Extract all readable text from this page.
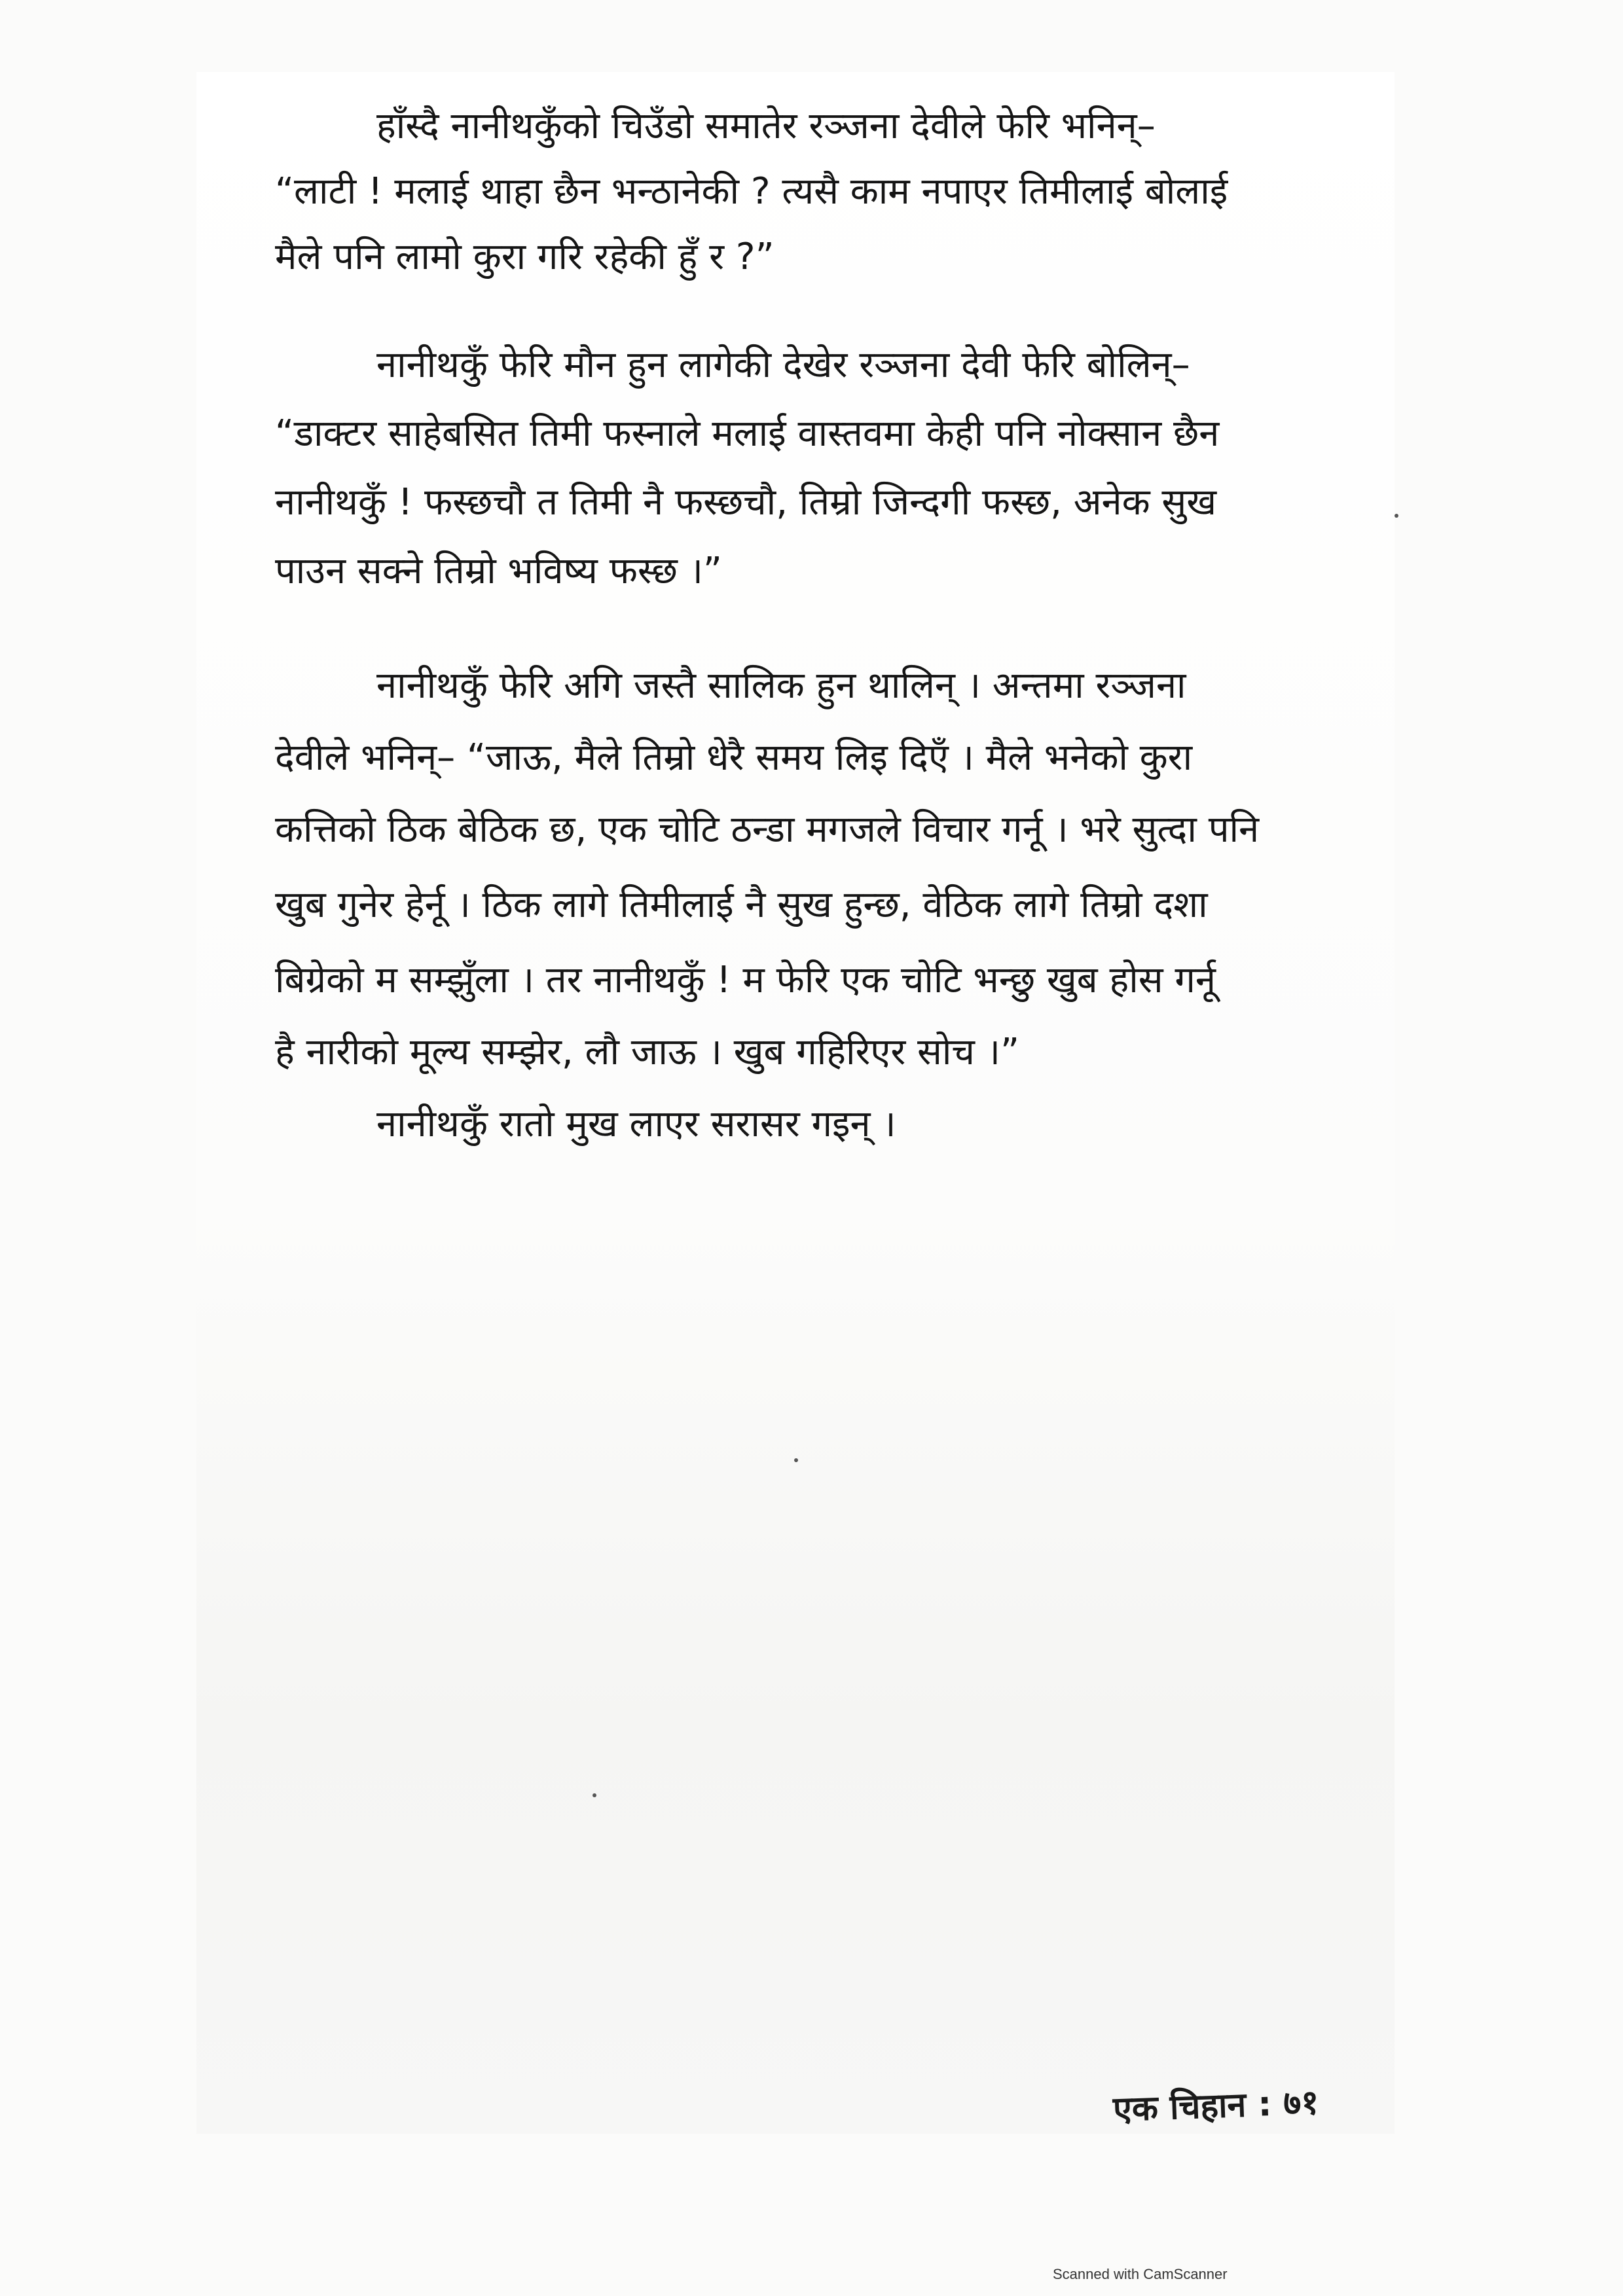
हाँस्दै नानीथकुँको चिउँडो समातेर रञ्जना देवीले फेरि भनिन्–
“लाटी ! मलाई थाहा छैन भन्ठानेकी ? त्यसै काम नपाएर तिमीलाई बोलाई
मैले पनि लामो कुरा गरि रहेकी हुँ र ?”
नानीथकुँ फेरि मौन हुन लागेकी देखेर रञ्जना देवी फेरि बोलिन्–
“डाक्टर साहेबसित तिमी फस्नाले मलाई वास्तवमा केही पनि नोक्सान छैन
नानीथकुँ ! फस्छचौ त तिमी नै फस्छचौ, तिम्रो जिन्दगी फस्छ, अनेक सुख
पाउन सक्ने तिम्रो भविष्य फस्छ ।”
नानीथकुँ फेरि अगि जस्तै सालिक हुन थालिन् । अन्तमा रञ्जना
देवीले भनिन्– “जाऊ, मैले तिम्रो धेरै समय लिइ दिएँ । मैले भनेको कुरा
कत्तिको ठिक बेठिक छ, एक चोटि ठन्डा मगजले विचार गर्नू । भरे सुत्दा पनि
खुब गुनेर हेर्नू । ठिक लागे तिमीलाई नै सुख हुन्छ, वेठिक लागे तिम्रो दशा
बिग्रेको म सम्झुँला । तर नानीथकुँ ! म फेरि एक चोटि भन्छु खुब होस गर्नू
है नारीको मूल्य सम्झेर, लौ जाऊ । खुब गहिरिएर सोच ।”
नानीथकुँ रातो मुख लाएर सरासर गइन् ।
एक चिहान : ७१
Scanned with CamScanner
